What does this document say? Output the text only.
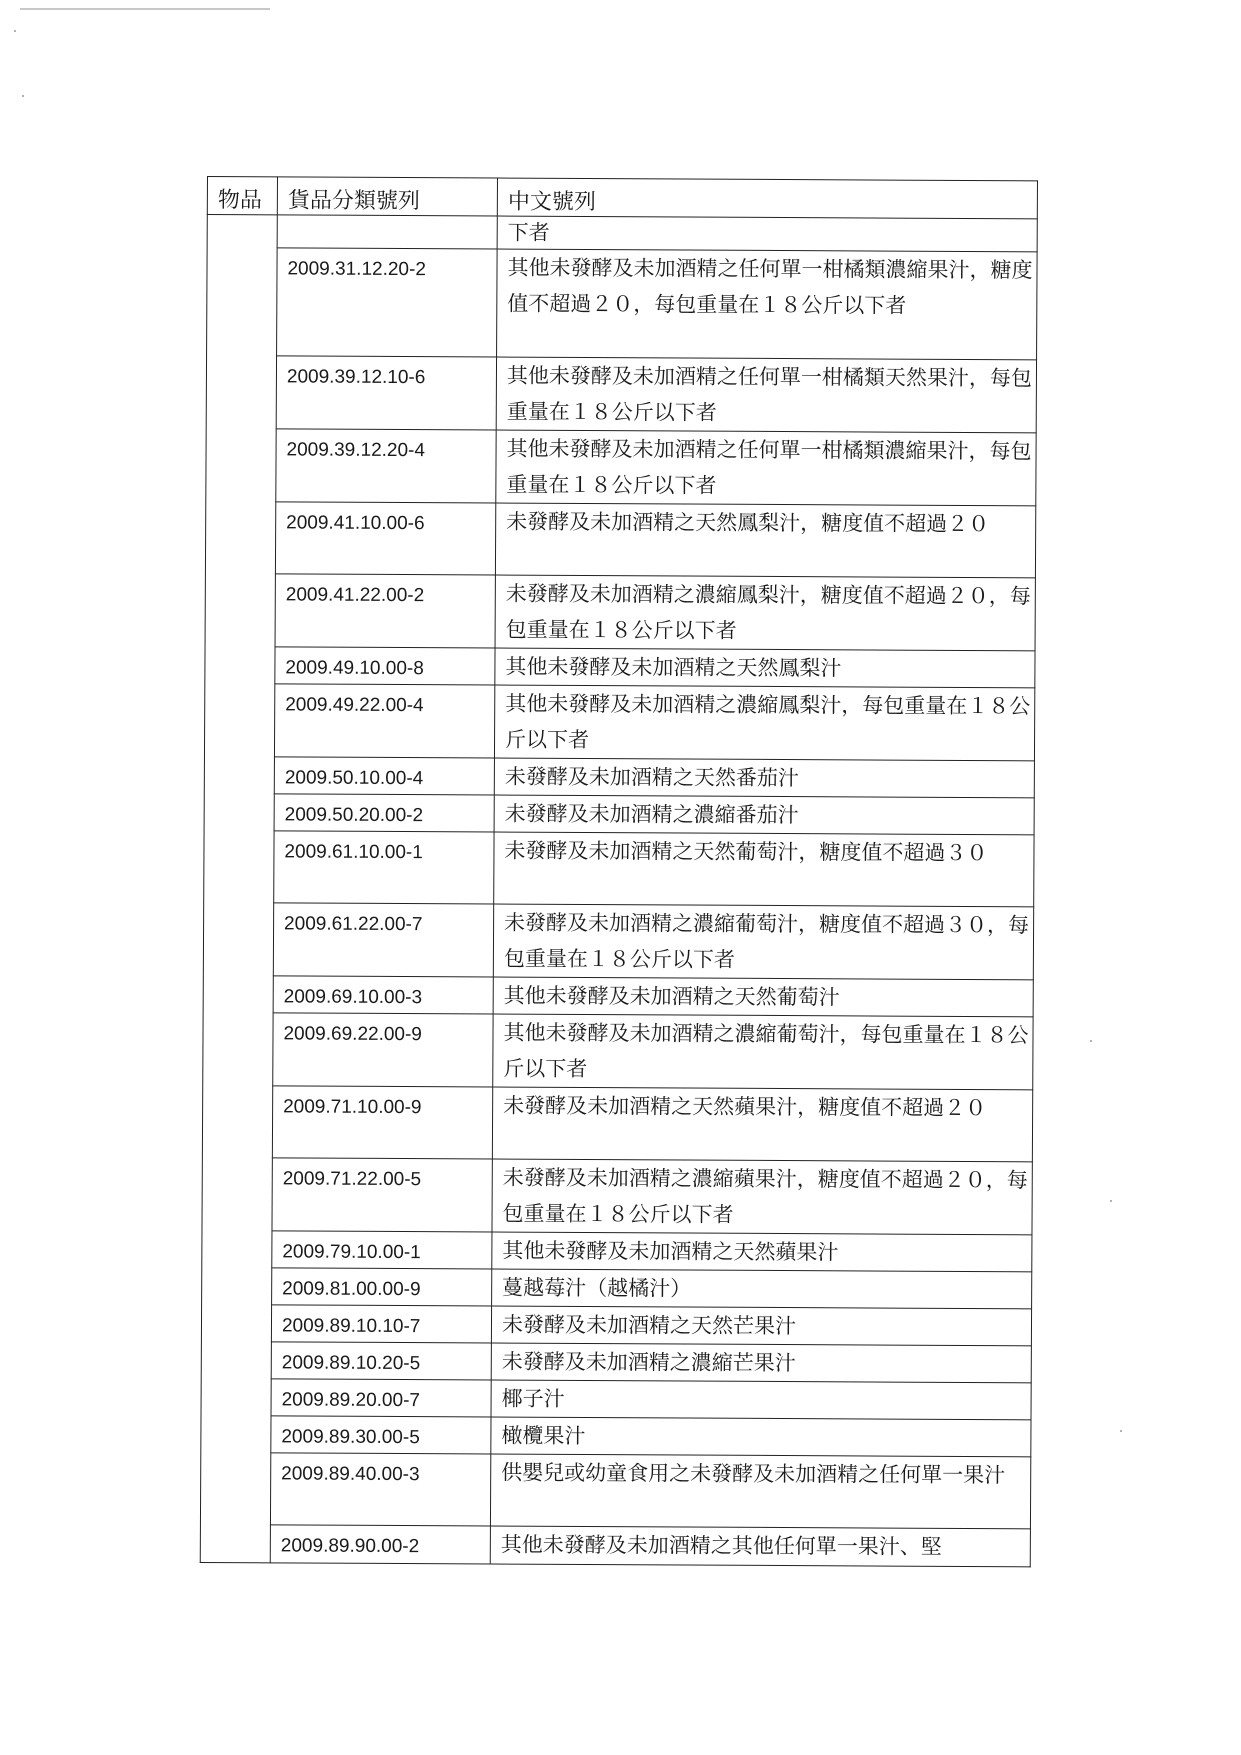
物品	貨品分類號列	中文號列
		下者
	2009.31.12.20-2	其他未發酵及未加酒精之任何單一柑橘類濃縮果汁，糖度值不超過２０，每包重量在１８公斤以下者
	2009.39.12.10-6	其他未發酵及未加酒精之任何單一柑橘類天然果汁，每包重量在１８公斤以下者
	2009.39.12.20-4	其他未發酵及未加酒精之任何單一柑橘類濃縮果汁，每包重量在１８公斤以下者
	2009.41.10.00-6	未發酵及未加酒精之天然鳳梨汁，糖度值不超過２０
	2009.41.22.00-2	未發酵及未加酒精之濃縮鳳梨汁，糖度值不超過２０，每包重量在１８公斤以下者
	2009.49.10.00-8	其他未發酵及未加酒精之天然鳳梨汁
	2009.49.22.00-4	其他未發酵及未加酒精之濃縮鳳梨汁，每包重量在１８公斤以下者
	2009.50.10.00-4	未發酵及未加酒精之天然番茄汁
	2009.50.20.00-2	未發酵及未加酒精之濃縮番茄汁
	2009.61.10.00-1	未發酵及未加酒精之天然葡萄汁，糖度值不超過３０
	2009.61.22.00-7	未發酵及未加酒精之濃縮葡萄汁，糖度值不超過３０，每包重量在１８公斤以下者
	2009.69.10.00-3	其他未發酵及未加酒精之天然葡萄汁
	2009.69.22.00-9	其他未發酵及未加酒精之濃縮葡萄汁，每包重量在１８公斤以下者
	2009.71.10.00-9	未發酵及未加酒精之天然蘋果汁，糖度值不超過２０
	2009.71.22.00-5	未發酵及未加酒精之濃縮蘋果汁，糖度值不超過２０，每包重量在１８公斤以下者
	2009.79.10.00-1	其他未發酵及未加酒精之天然蘋果汁
	2009.81.00.00-9	蔓越莓汁（越橘汁）
	2009.89.10.10-7	未發酵及未加酒精之天然芒果汁
	2009.89.10.20-5	未發酵及未加酒精之濃縮芒果汁
	2009.89.20.00-7	椰子汁
	2009.89.30.00-5	橄欖果汁
	2009.89.40.00-3	供嬰兒或幼童食用之未發酵及未加酒精之任何單一果汁
	2009.89.90.00-2	其他未發酵及未加酒精之其他任何單一果汁、堅
